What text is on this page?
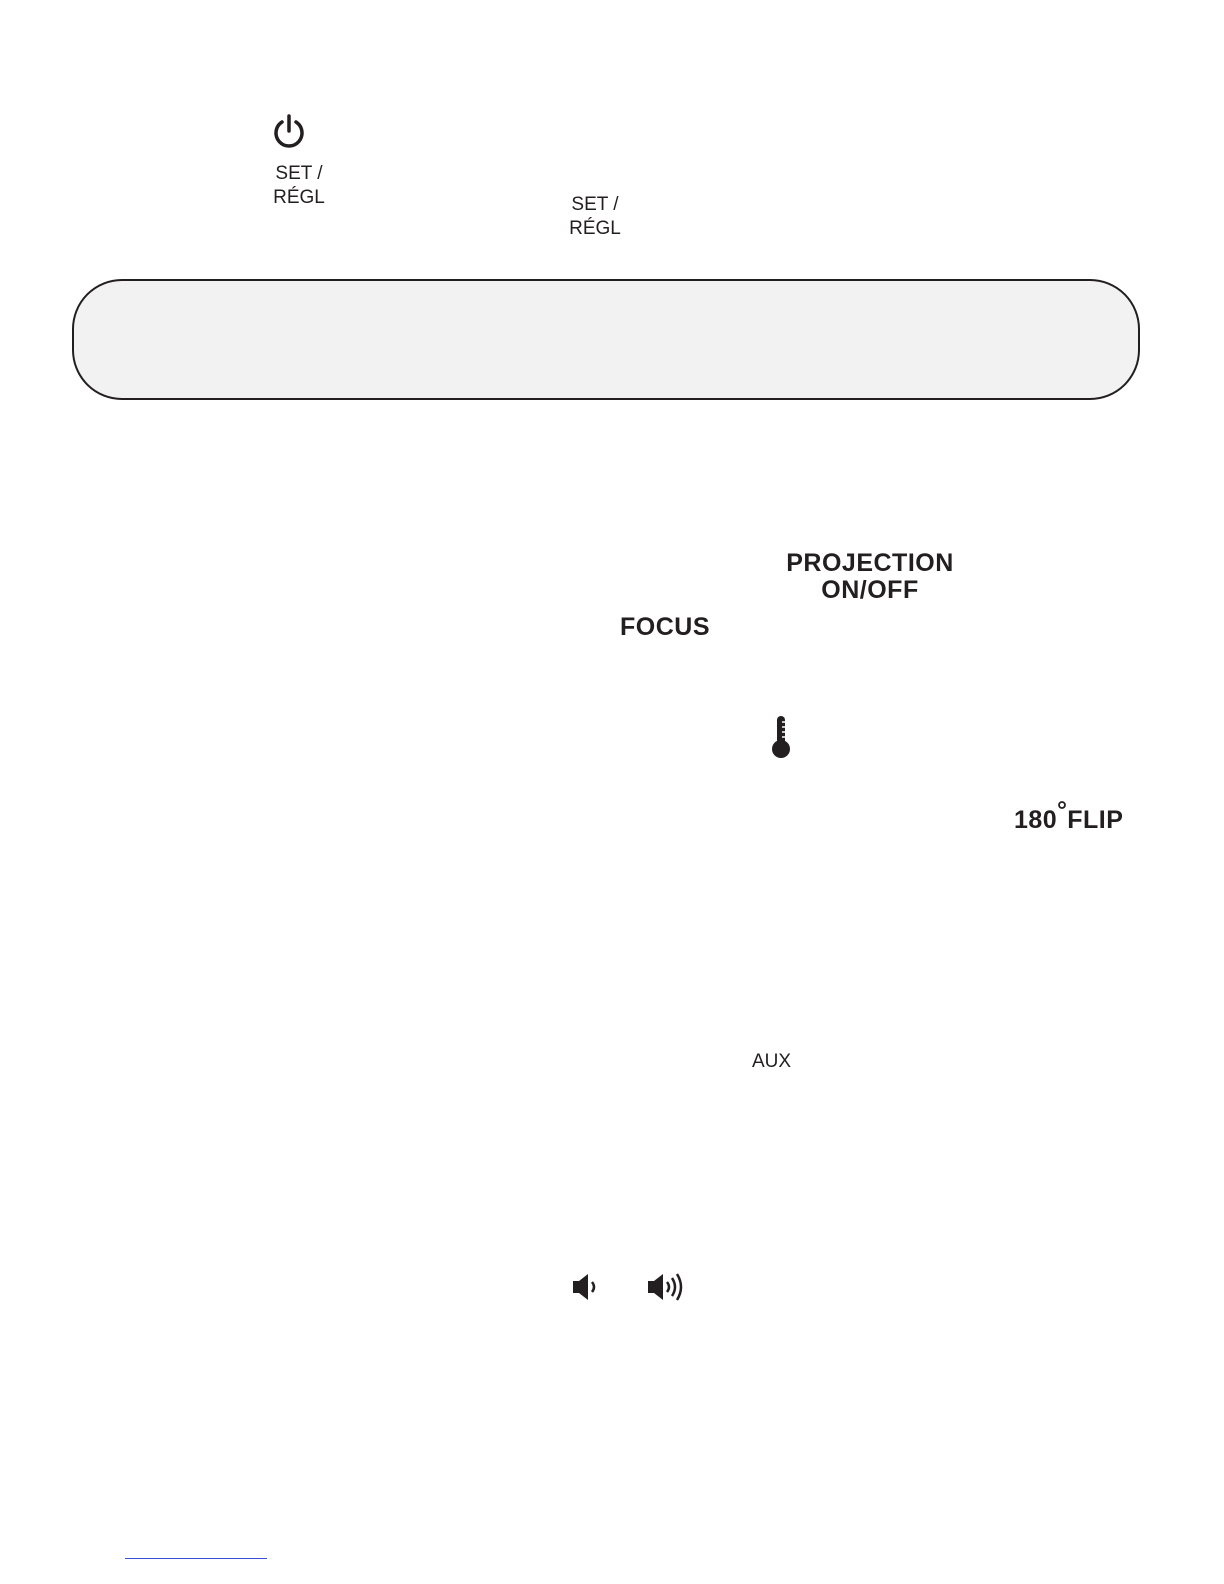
SET /
RÉGL	SET /
RÉGL
PROJECTION
ON/OFF
FOCUS
180 FLIP
AUX
